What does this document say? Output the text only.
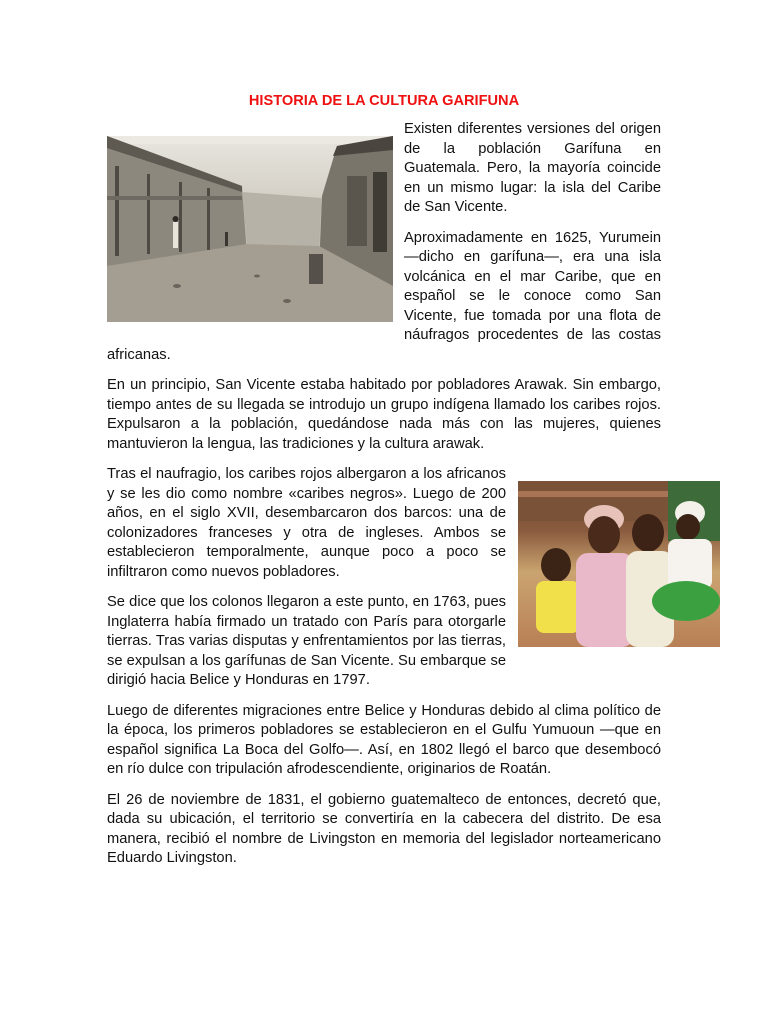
HISTORIA DE LA CULTURA GARIFUNA

Existen diferentes versiones del origen de la población Garífuna en Guatemala. Pero, la mayoría coincide en un mismo lugar: la isla del Caribe de San Vicente.

Aproximadamente en 1625, Yurumein —dicho en garífuna—, era una isla volcánica en el mar Caribe, que en español se le conoce como San Vicente, fue tomada por una flota de náufragos procedentes de las costas africanas.

En un principio, San Vicente estaba habitado por pobladores Arawak. Sin embargo, tiempo antes de su llegada se introdujo un grupo indígena llamado los caribes rojos. Expulsaron a la población, quedándose nada más con las mujeres, quienes mantuvieron la lengua, las tradiciones y la cultura arawak.

Tras el naufragio, los caribes rojos albergaron a los africanos y se les dio como nombre «caribes negros». Luego de 200 años, en el siglo XVII, desembarcaron dos barcos: una de colonizadores franceses y otra de ingleses. Ambos se establecieron temporalmente, aunque poco a poco se infiltraron como nuevos pobladores.

Se dice que los colonos llegaron a este punto, en 1763, pues Inglaterra había firmado un tratado con París para otorgarle tierras. Tras varias disputas y enfrentamientos por las tierras, se expulsan a los garífunas de San Vicente. Su embarque se dirigió hacia Belice y Honduras en 1797.

Luego de diferentes migraciones entre Belice y Honduras debido al clima político de la época, los primeros pobladores se establecieron en el Gulfu Yumuoun —que en español significa La Boca del Golfo—. Así, en 1802 llegó el barco que desembocó en río dulce con tripulación afrodescendiente, originarios de Roatán.

El 26 de noviembre de 1831, el gobierno guatemalteco de entonces, decretó que, dada su ubicación, el territorio se convertiría en la cabecera del distrito. De esa manera, recibió el nombre de Livingston en memoria del legislador norteamericano Eduardo Livingston.
